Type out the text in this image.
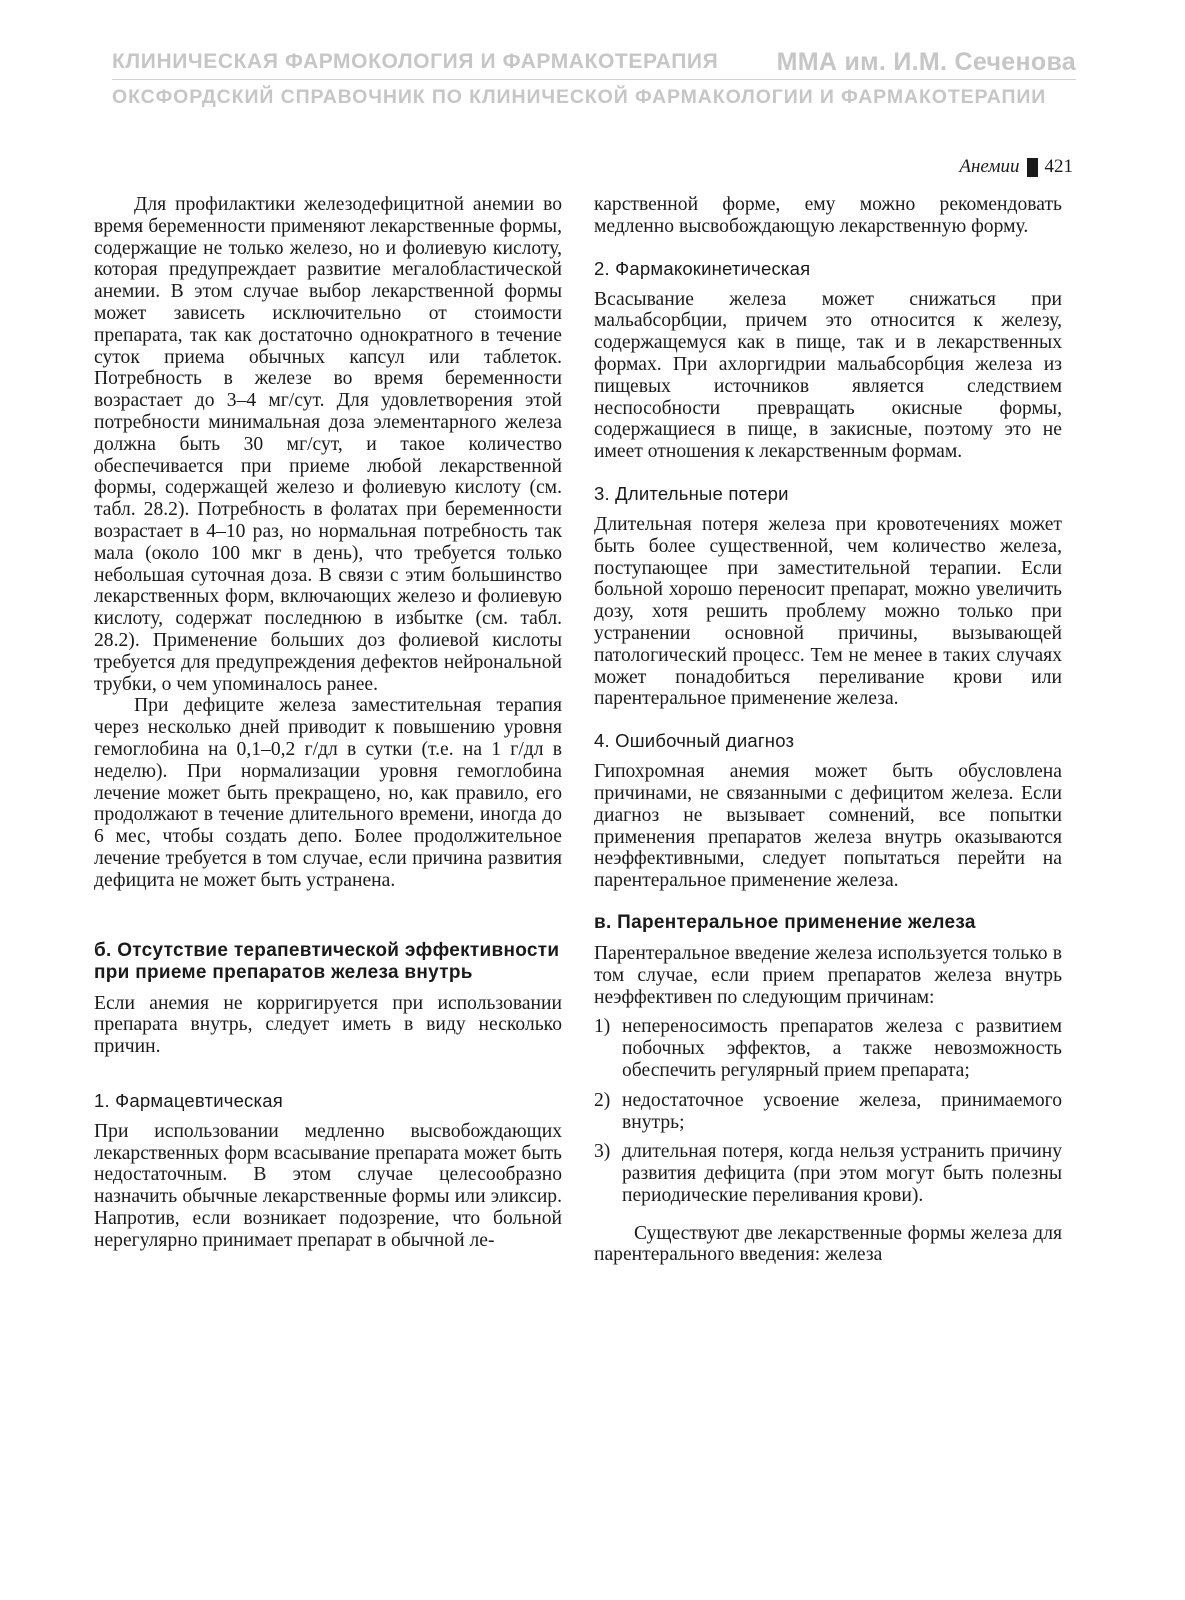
КЛИНИЧЕСКАЯ ФАРМОКОЛОГИЯ И ФАРМАКОТЕРАПИЯ ММА им. И.М. Сеченова
ОКСФОРДСКИЙ СПРАВОЧНИК ПО КЛИНИЧЕСКОЙ ФАРМАКОЛОГИИ И ФАРМАКОТЕРАПИИ
Анемии 421

Для профилактики железодефицитной анемии во время беременности применяют лекарственные формы, содержащие не только железо, но и фолиевую кислоту, которая предупреждает развитие мегалобластической анемии. В этом случае выбор лекарственной формы может зависеть исключительно от стоимости препарата, так как достаточно однократного в течение суток приема обычных капсул или таблеток. Потребность в железе во время беременности возрастает до 3–4 мг/сут. Для удовлетворения этой потребности минимальная доза элементарного железа должна быть 30 мг/сут, и такое количество обеспечивается при приеме любой лекарственной формы, содержащей железо и фолиевую кислоту (см. табл. 28.2). Потребность в фолатах при беременности возрастает в 4–10 раз, но нормальная потребность так мала (около 100 мкг в день), что требуется только небольшая суточная доза. В связи с этим большинство лекарственных форм, включающих железо и фолиевую кислоту, содержат последнюю в избытке (см. табл. 28.2). Применение больших доз фолиевой кислоты требуется для предупреждения дефектов нейрональной трубки, о чем упоминалось ранее.

При дефиците железа заместительная терапия через несколько дней приводит к повышению уровня гемоглобина на 0,1–0,2 г/дл в сутки (т.е. на 1 г/дл в неделю). При нормализации уровня гемоглобина лечение может быть прекращено, но, как правило, его продолжают в течение длительного времени, иногда до 6 мес, чтобы создать депо. Более продолжительное лечение требуется в том случае, если причина развития дефицита не может быть устранена.

б. Отсутствие терапевтической эффективности при приеме препаратов железа внутрь

Если анемия не корригируется при использовании препарата внутрь, следует иметь в виду несколько причин.

1. Фармацевтическая

При использовании медленно высвобождающих лекарственных форм всасывание препарата может быть недостаточным. В этом случае целесообразно назначить обычные лекарственные формы или эликсир. Напротив, если возникает подозрение, что больной нерегулярно принимает препарат в обычной ле-

карственной форме, ему можно рекомендовать медленно высвобождающую лекарственную форму.

2. Фармакокинетическая

Всасывание железа может снижаться при мальабсорбции, причем это относится к железу, содержащемуся как в пище, так и в лекарственных формах. При ахлоргидрии мальабсорбция железа из пищевых источников является следствием неспособности превращать окисные формы, содержащиеся в пище, в закисные, поэтому это не имеет отношения к лекарственным формам.

3. Длительные потери

Длительная потеря железа при кровотечениях может быть более существенной, чем количество железа, поступающее при заместительной терапии. Если больной хорошо переносит препарат, можно увеличить дозу, хотя решить проблему можно только при устранении основной причины, вызывающей патологический процесс. Тем не менее в таких случаях может понадобиться переливание крови или парентеральное применение железа.

4. Ошибочный диагноз

Гипохромная анемия может быть обусловлена причинами, не связанными с дефицитом железа. Если диагноз не вызывает сомнений, все попытки применения препаратов железа внутрь оказываются неэффективными, следует попытаться перейти на парентеральное применение железа.

в. Парентеральное применение железа

Парентеральное введение железа используется только в том случае, если прием препаратов железа внутрь неэффективен по следующим причинам:

1) непереносимость препаратов железа с развитием побочных эффектов, а также невозможность обеспечить регулярный прием препарата;
2) недостаточное усвоение железа, принимаемого внутрь;
3) длительная потеря, когда нельзя устранить причину развития дефицита (при этом могут быть полезны периодические переливания крови).

Существуют две лекарственные формы железа для парентерального введения: железа
